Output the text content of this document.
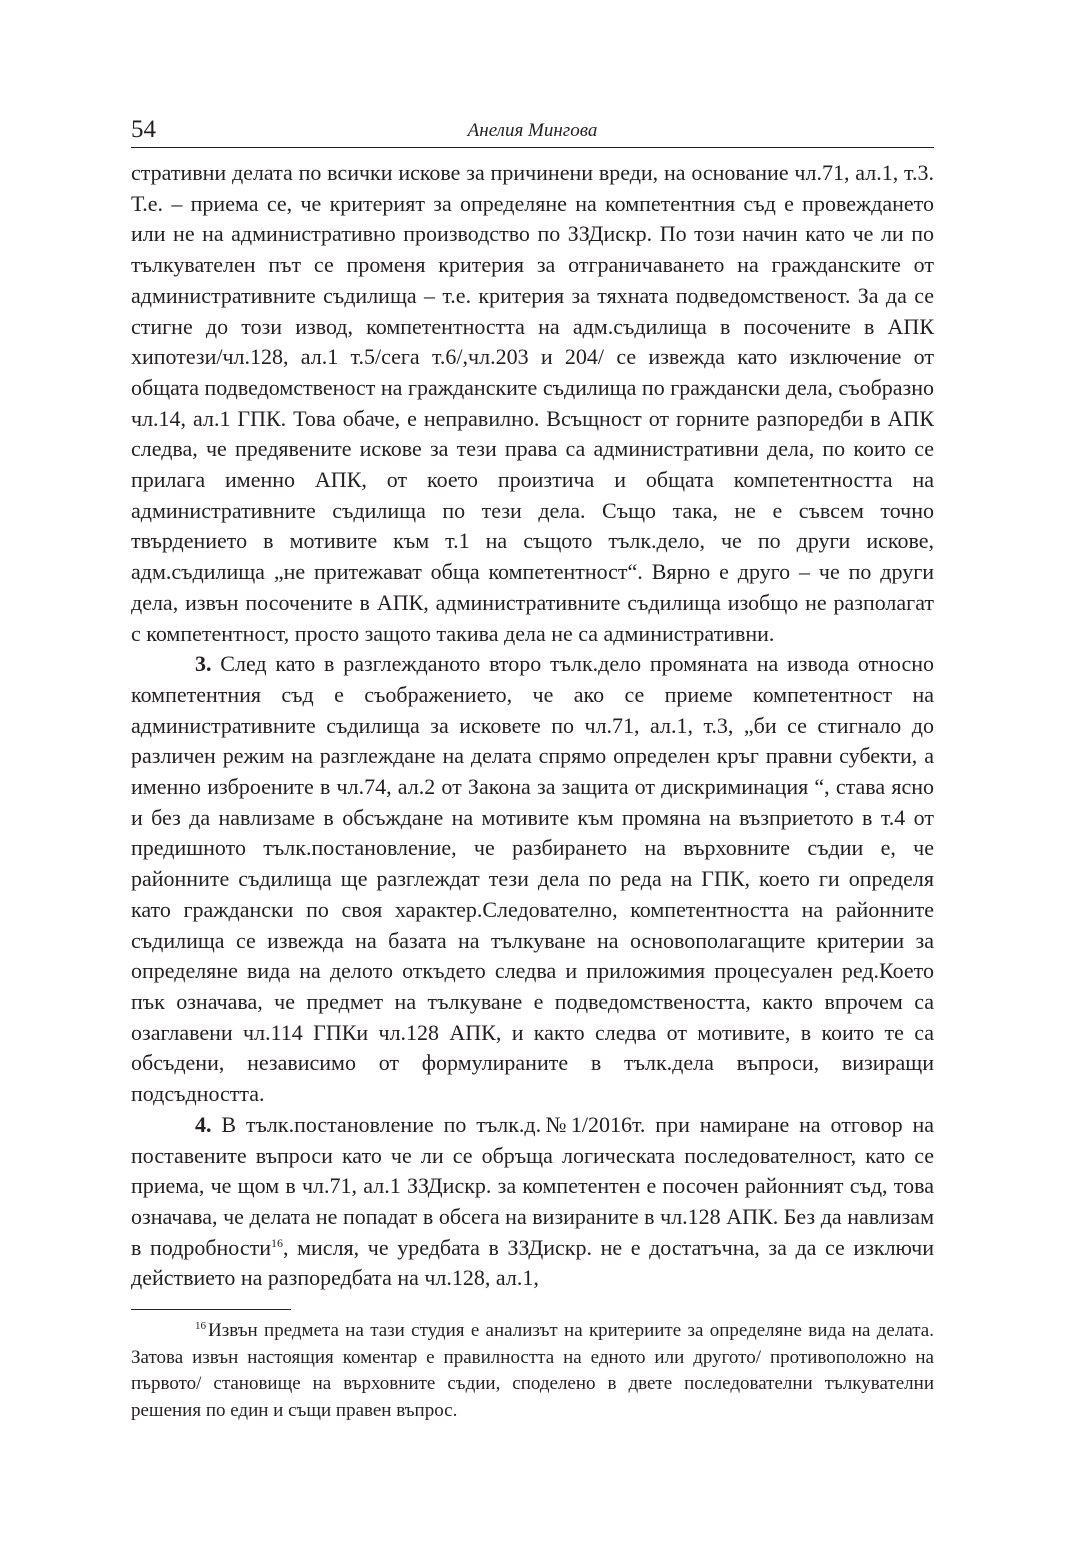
54	Анелия Мингова

стративни делата по всички искове за причинени вреди, на основание чл.71, ал.1, т.3. Т.е. – приема се, че критерият за определяне на компетентния съд е провеждането или не на административно производство по ЗЗДискр. По този начин като че ли по тълкувателен път се променя критерия за отграничаването на гражданските от административните съдилища – т.е. критерия за тяхната подведомственост. За да се стигне до този извод, компетентността на адм.съдилища в посочените в АПК хипотези/чл.128, ал.1 т.5/сега т.6/,чл.203 и 204/ се извежда като изключение от общата подведомственост на гражданските съдилища по граждански дела, съобразно чл.14, ал.1 ГПК. Това обаче, е неправилно. Всъщност от горните разпоредби в АПК следва, че предявените искове за тези права са административни дела, по които се прилага именно АПК, от което произтича и общата компетентността на административните съдилища по тези дела. Също така, не е съвсем точно твърдението в мотивите към т.1 на същото тълк.дело, че по други искове, адм.съдилища „не притежават обща компетентност“. Вярно е друго – че по други дела, извън посочените в АПК, административните съдилища изобщо не разполагат с компетентност, просто защото такива дела не са административни.

3. След като в разглежданото второ тълк.дело промяната на извода относно компетентния съд е съображението, че ако се приеме компетентност на административните съдилища за исковете по чл.71, ал.1, т.3, „би се стигнало до различен режим на разглеждане на делата спрямо определен кръг правни субекти, а именно изброените в чл.74, ал.2 от Закона за защита от дискриминация “, става ясно и без да навлизаме в обсъждане на мотивите към промяна на възприетото в т.4 от предишното тълк.постановление, че разбирането на върховните съдии е, че районните съдилища ще разглеждат тези дела по реда на ГПК, което ги определя като граждански по своя характер.Следователно, компетентността на районните съдилища се извежда на базата на тълкуване на основополагащите критерии за определяне вида на делото откъдето следва и приложимия процесуален ред.Което пък означава, че предмет на тълкуване е подведомствеността, както впрочем са озаглавени чл.114 ГПКи чл.128 АПК, и както следва от мотивите, в които те са обсъдени, независимо от формулираните в тълк.дела въпроси, визиращи подсъдността.

4. В тълк.постановление по тълк.д.№1/2016т. при намиране на отговор на поставените въпроси като че ли се обръща логическата последователност, като се приема, че щом в чл.71, ал.1 ЗЗДискр. за компетентен е посочен районният съд, това означава, че делата не попадат в обсега на визираните в чл.128 АПК. Без да навлизам в подробности$^{16}$, мисля, че уредбата в ЗЗДискр. не е достатъчна, за да се изключи действието на разпоредбата на чл.128, ал.1,

$^{16}$ Извън предмета на тази студия е анализът на критериите за определяне вида на делата. Затова извън настоящия коментар е правилността на едното или другото/ противоположно на първото/ становище на върховните съдии, споделено в двете последователни тълкувателни решения по един и същи правен въпрос.
